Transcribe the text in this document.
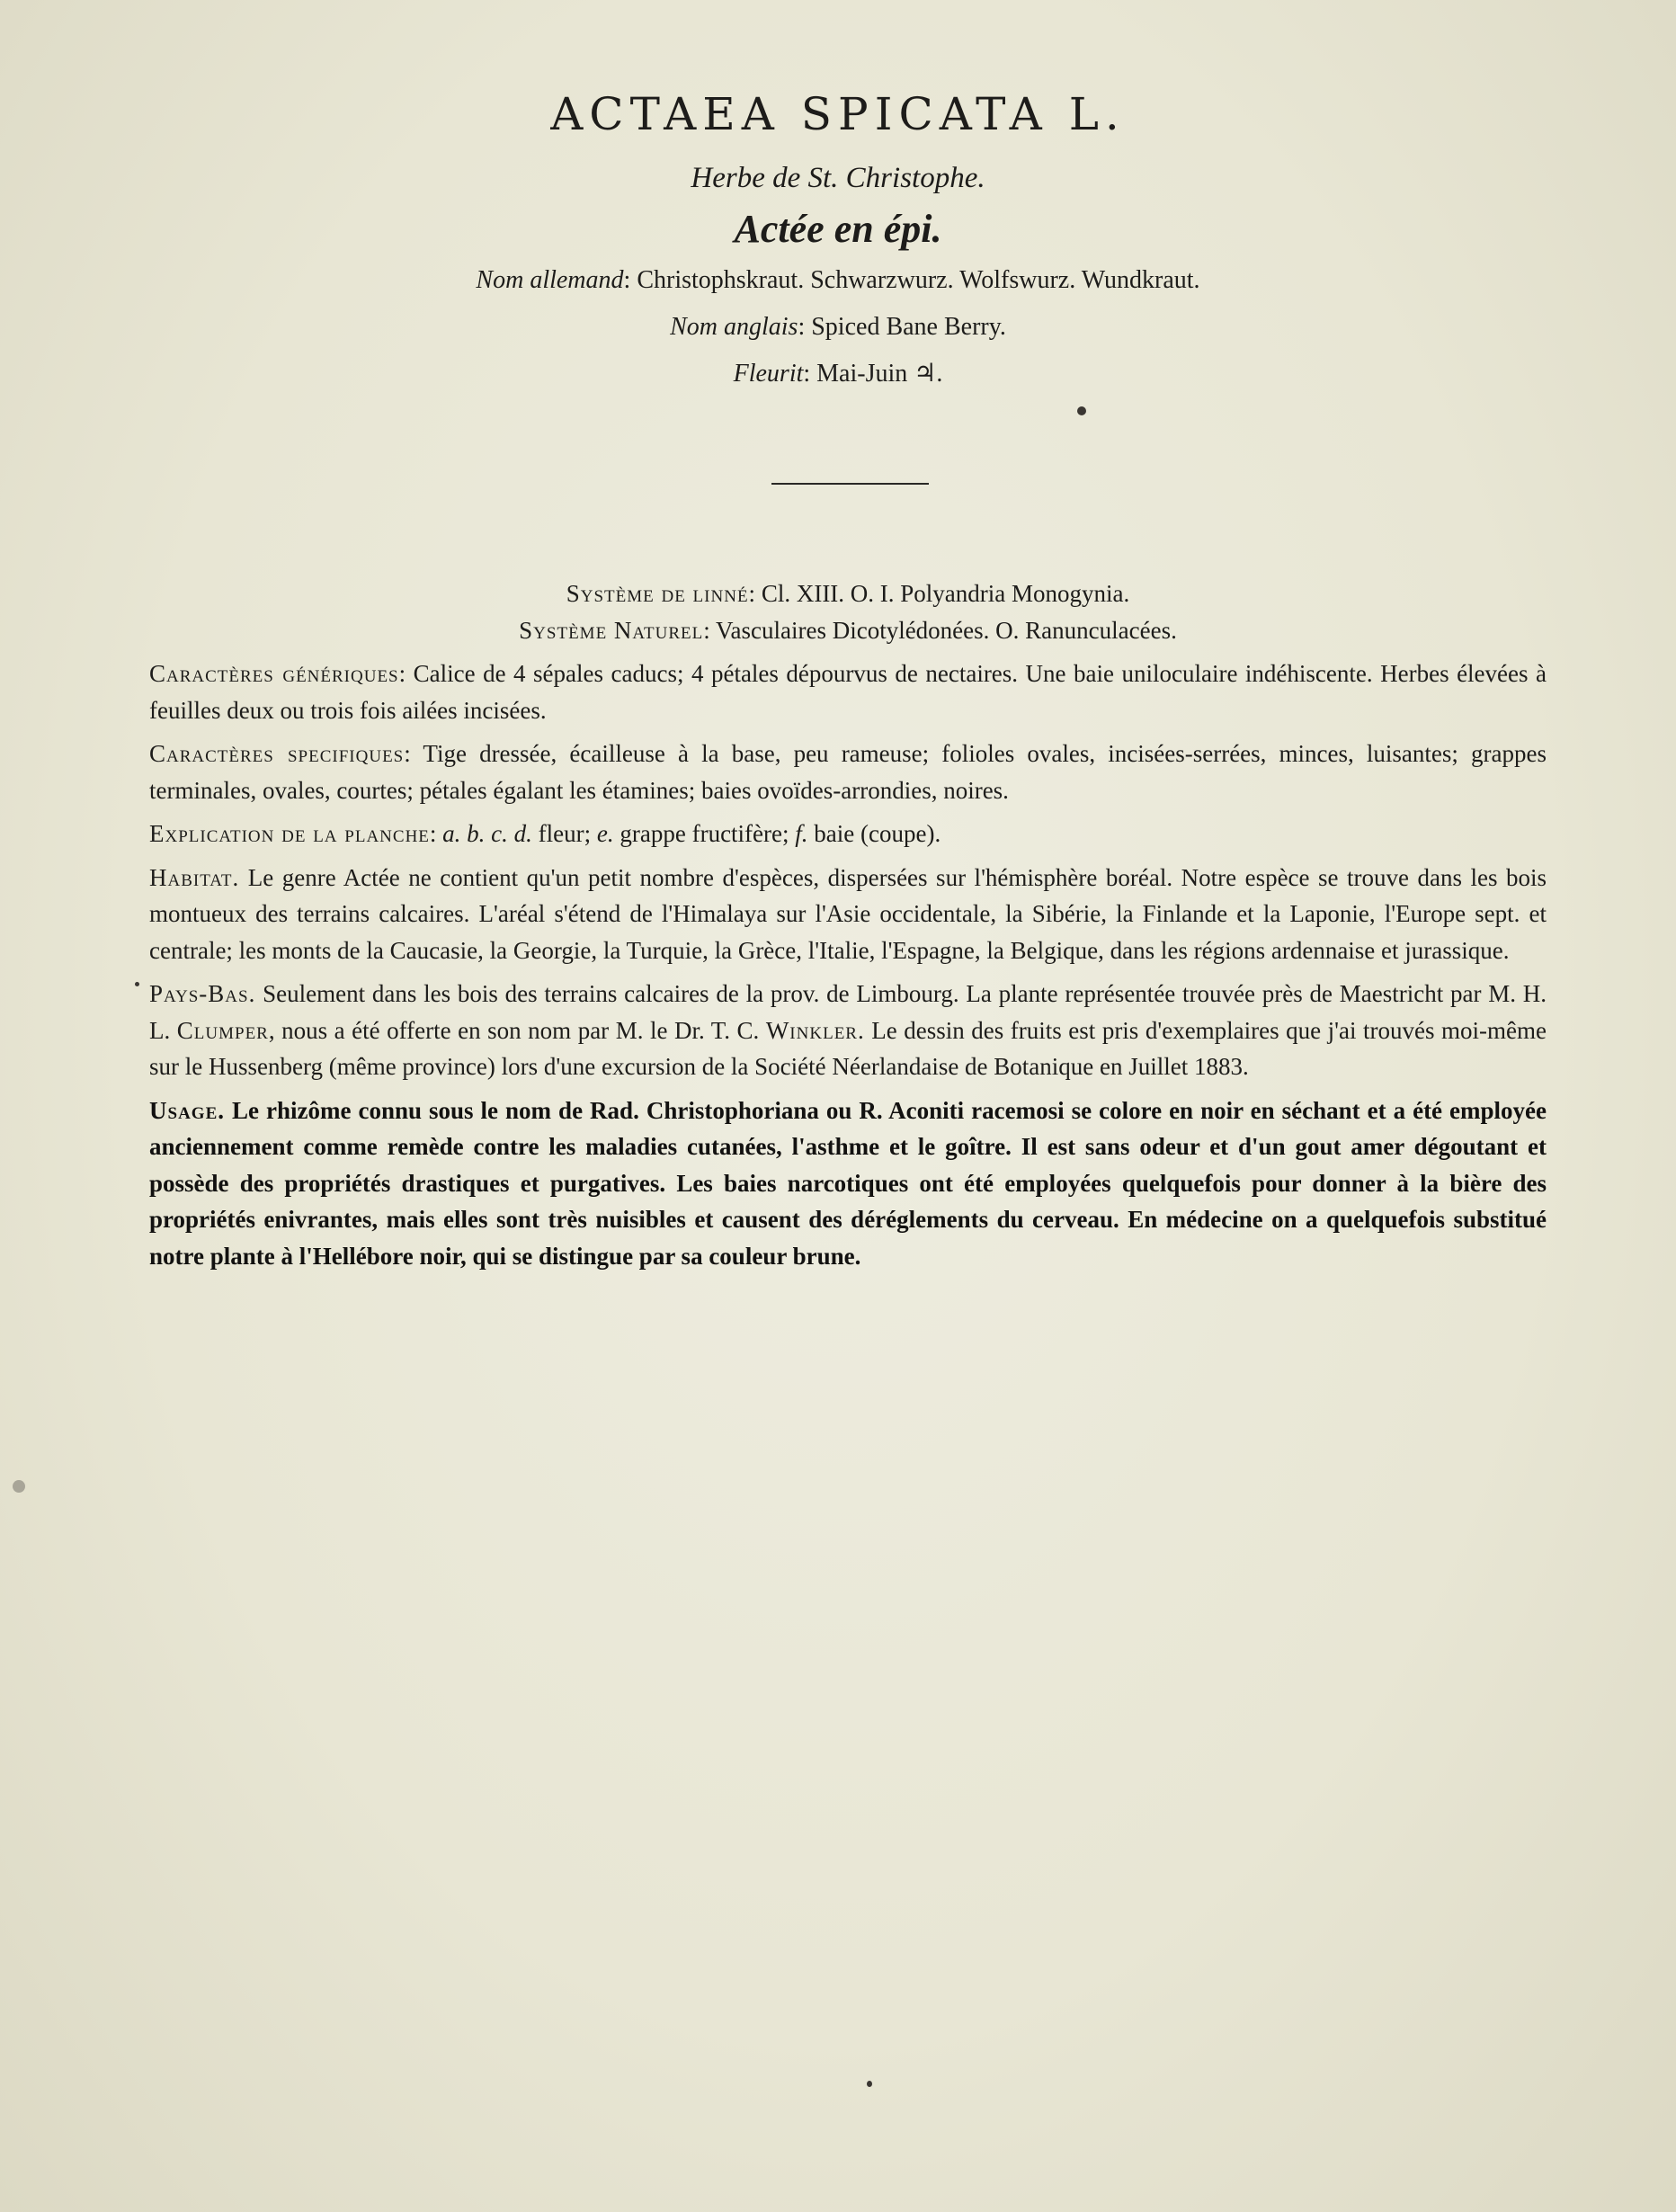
ACTAEA SPICATA L.

Herbe de St. Christophe.

Actée en épi.

Nom allemand: Christophskraut. Schwarzwurz. Wolfswurz. Wundkraut.

Nom anglais: Spiced Bane Berry.

Fleurit: Mai-Juin ♃.

Système de linné: Cl. XIII. O. I. Polyandria Monogynia.

Système Naturel: Vasculaires Dicotylédonées. O. Ranunculacées.

Caractères génériques: Calice de 4 sépales caducs; 4 pétales dépourvus de nectaires. Une baie uniloculaire indéhiscente. Herbes élevées à feuilles deux ou trois fois ailées incisées.

Caractères specifiques: Tige dressée, écailleuse à la base, peu rameuse; folioles ovales, incisées-serrées, minces, luisantes; grappes terminales, ovales, courtes; pétales égalant les étamines; baies ovoïdes-arrondies, noires.

Explication de la planche: a. b. c. d. fleur; e. grappe fructifère; f. baie (coupe).

Habitat. Le genre Actée ne contient qu'un petit nombre d'espèces, dispersées sur l'hémisphère boréal. Notre espèce se trouve dans les bois montueux des terrains calcaires. L'aréal s'étend de l'Himalaya sur l'Asie occidentale, la Sibérie, la Finlande et la Laponie, l'Europe sept. et centrale; les monts de la Caucasie, la Georgie, la Turquie, la Grèce, l'Italie, l'Espagne, la Belgique, dans les régions ardennaise et jurassique.

Pays-Bas. Seulement dans les bois des terrains calcaires de la prov. de Limbourg. La plante représentée trouvée près de Maestricht par M. H. L. Clumper, nous a été offerte en son nom par M. le Dr. T. C. Winkler. Le dessin des fruits est pris d'exemplaires que j'ai trouvés moi-même sur le Hussenberg (même province) lors d'une excursion de la Société Néerlandaise de Botanique en Juillet 1883.

Usage. Le rhizôme connu sous le nom de Rad. Christophoriana ou R. Aconiti racemosi se colore en noir en séchant et a été employée anciennement comme remède contre les maladies cutanées, l'asthme et le goître. Il est sans odeur et d'un gout amer dégoutant et possède des propriétés drastiques et purgatives. Les baies narcotiques ont été employées quelquefois pour donner à la bière des propriétés enivrantes, mais elles sont très nuisibles et causent des déréglements du cerveau. En médecine on a quelquefois substitué notre plante à l'Hellébore noir, qui se distingue par sa couleur brune.
